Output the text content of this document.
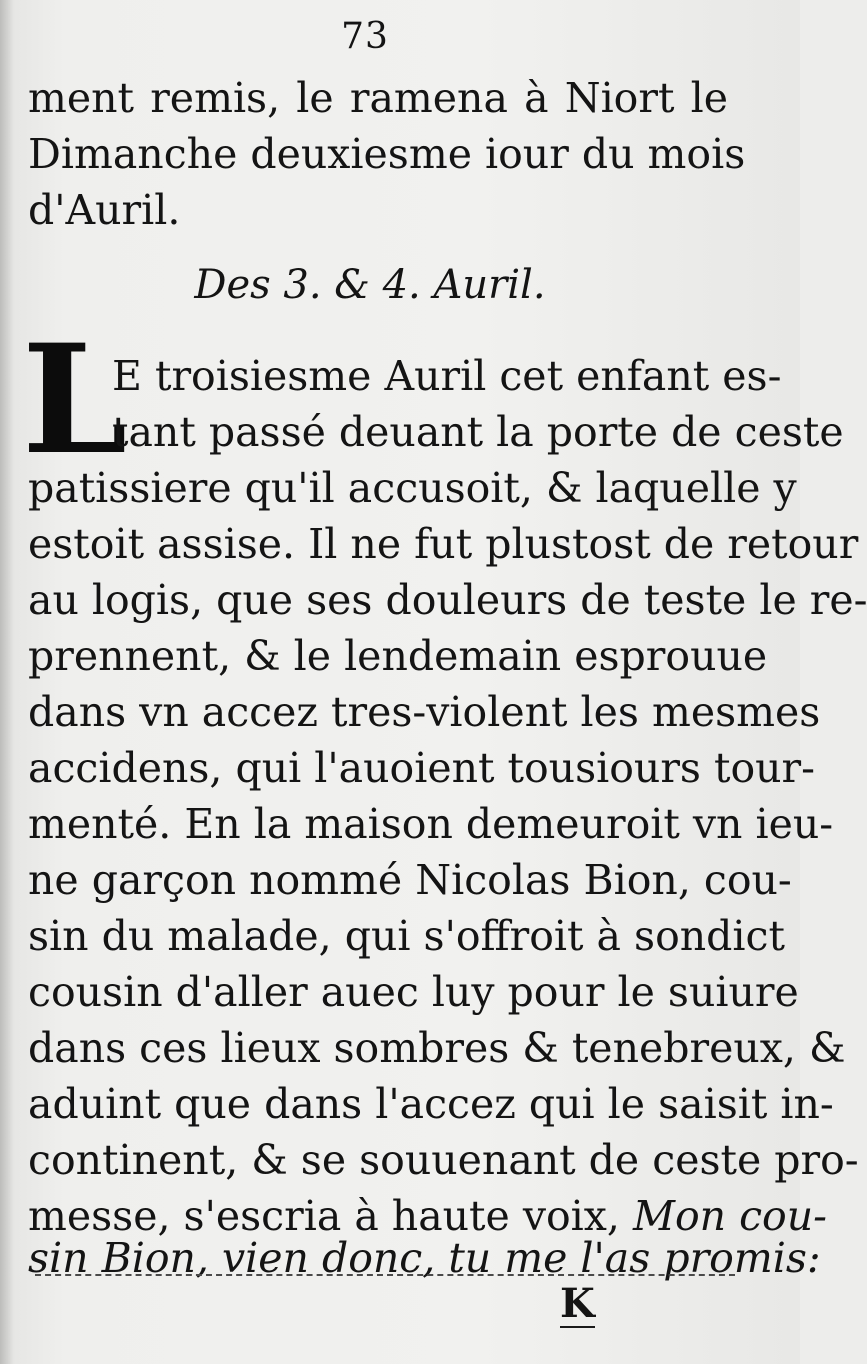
73
ment remis, le ramena à Niort le
Dimanche deuxiesme iour du mois
d'Auril.
Des 3. & 4. Auril.
L
E troisiesme Auril cet enfant es-
tant passé deuant la porte de ceste
patissiere qu'il accusoit, & laquelle y
estoit assise. Il ne fut plustost de retour
au logis, que ses douleurs de teste le re-
prennent, & le lendemain esprouue
dans vn accez tres-violent les mesmes
accidens, qui l'auoient tousiours tour-
menté. En la maison demeuroit vn ieu-
ne garçon nommé Nicolas Bion, cou-
sin du malade, qui s'offroit à sondict
cousin d'aller auec luy pour le suiure
dans ces lieux sombres & tenebreux, &
aduint que dans l'accez qui le saisit in-
continent, & se souuenant de ceste pro-
messe, s'escria à haute voix, Mon cou-
sin Bion, vien donc, tu me l'as promis:
K
